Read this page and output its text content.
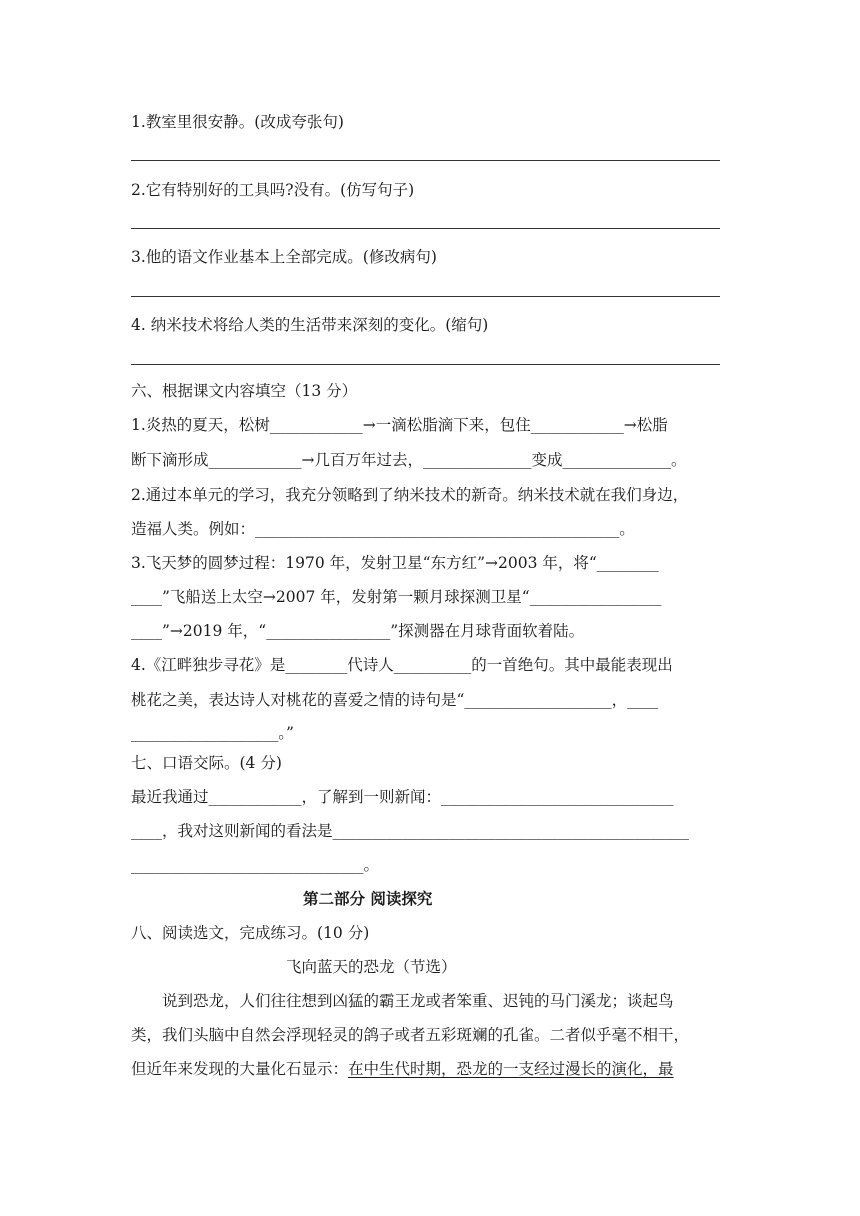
1.教室里很安静。(改成夸张句)
2.它有特别好的工具吗?没有。(仿写句子)
3.他的语文作业基本上全部完成。(修改病句)
4. 纳米技术将给人类的生活带来深刻的变化。(缩句)
六、根据课文内容填空（13 分）
1.炎热的夏天，松树____________→一滴松脂滴下来，包住____________→松脂
断下滴形成____________→几百万年过去，______________变成______________。
2.通过本单元的学习，我充分领略到了纳米技术的新奇。纳米技术就在我们身边，
造福人类。例如：_______________________________________________。
3.飞天梦的圆梦过程：1970 年，发射卫星“东方红”→2003 年，将“________
____”飞船送上太空→2007 年，发射第一颗月球探测卫星“_________________
____”→2019 年，“________________”探测器在月球背面软着陆。
4.《江畔独步寻花》是________代诗人__________的一首绝句。其中最能表现出
桃花之美，表达诗人对桃花的喜爱之情的诗句是“___________________，____
___________________。”
七、口语交际。(4 分)
最近我通过____________，了解到一则新闻：______________________________
____，我对这则新闻的看法是______________________________________________
______________________________。
第二部分 阅读探究
八、阅读选文，完成练习。(10 分)
飞向蓝天的恐龙（节选）
说到恐龙，人们往往想到凶猛的霸王龙或者笨重、迟钝的马门溪龙；谈起鸟
类，我们头脑中自然会浮现轻灵的鸽子或者五彩斑斓的孔雀。二者似乎毫不相干，
但近年来发现的大量化石显示：在中生代时期，恐龙的一支经过漫长的演化，最
